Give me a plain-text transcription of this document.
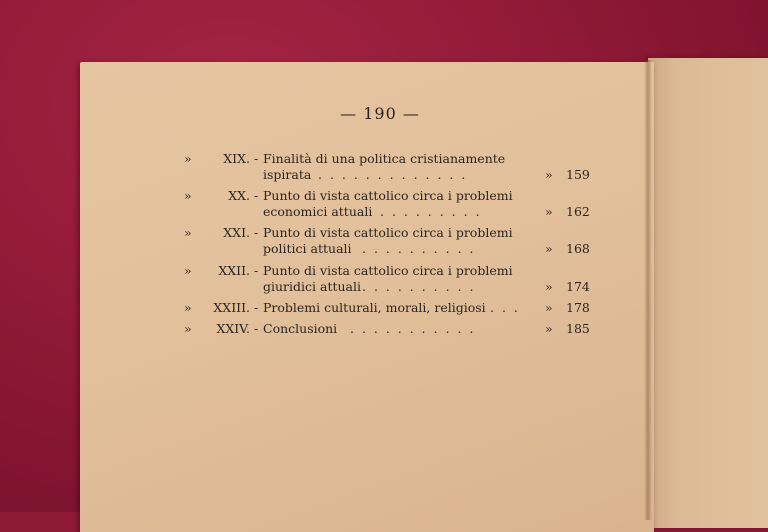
— 190 —
»	XIX. - Finalità di una politica cristianamente
ispirata . . . . . . . . . . . . .	» 159
»	XX. - Punto di vista cattolico circa i problemi
economici attuali . . . . . . . . .	» 162
»	XXI. - Punto di vista cattolico circa i problemi
politici attuali . . . . . . . . . .	» 168
»	XXII. - Punto di vista cattolico circa i problemi
giuridici attuali . . . . . . . . . .	» 174
»	XXIII. - Problemi culturali, morali, religiosi . . . » 178
»	XXIV. - Conclusioni . . . . . . . . . . .	» 185
